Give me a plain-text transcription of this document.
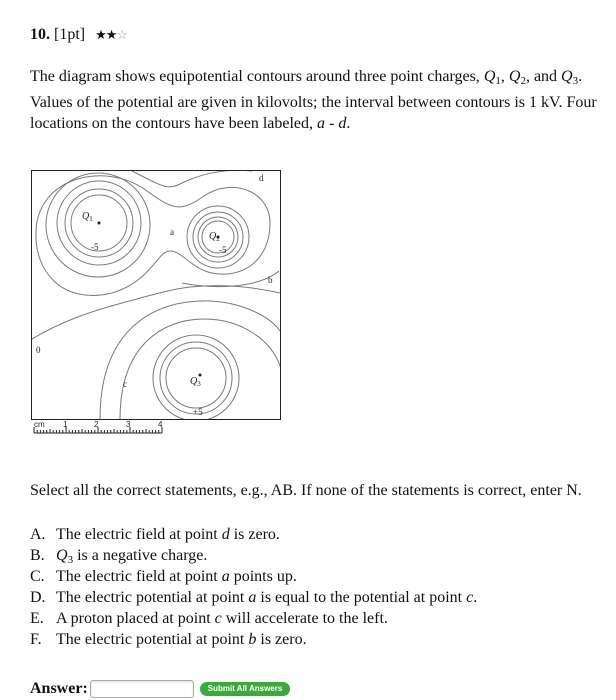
10. [1pt] ★★☆
The diagram shows equipotential contours around three point charges, $Q_1$, $Q_2$, and $Q_3$. Values of the potential are given in kilovolts; the interval between contours is 1 kV. Four locations on the contours have been labeled, a - d.
$Q_1$
$Q_2$
$Q_3$
-5	-5
+5
0
a
b
c
d
cm 1	2	3	4
Select all the correct statements, e.g., AB. If none of the statements is correct, enter N.
A. The electric field at point d is zero.
B. $Q_3$ is a negative charge.
C. The electric field at point a points up.
D. The electric potential at point a is equal to the potential at point c.
E. A proton placed at point c will accelerate to the left.
F. The electric potential at point b is zero.
Answer:	Submit All Answers
